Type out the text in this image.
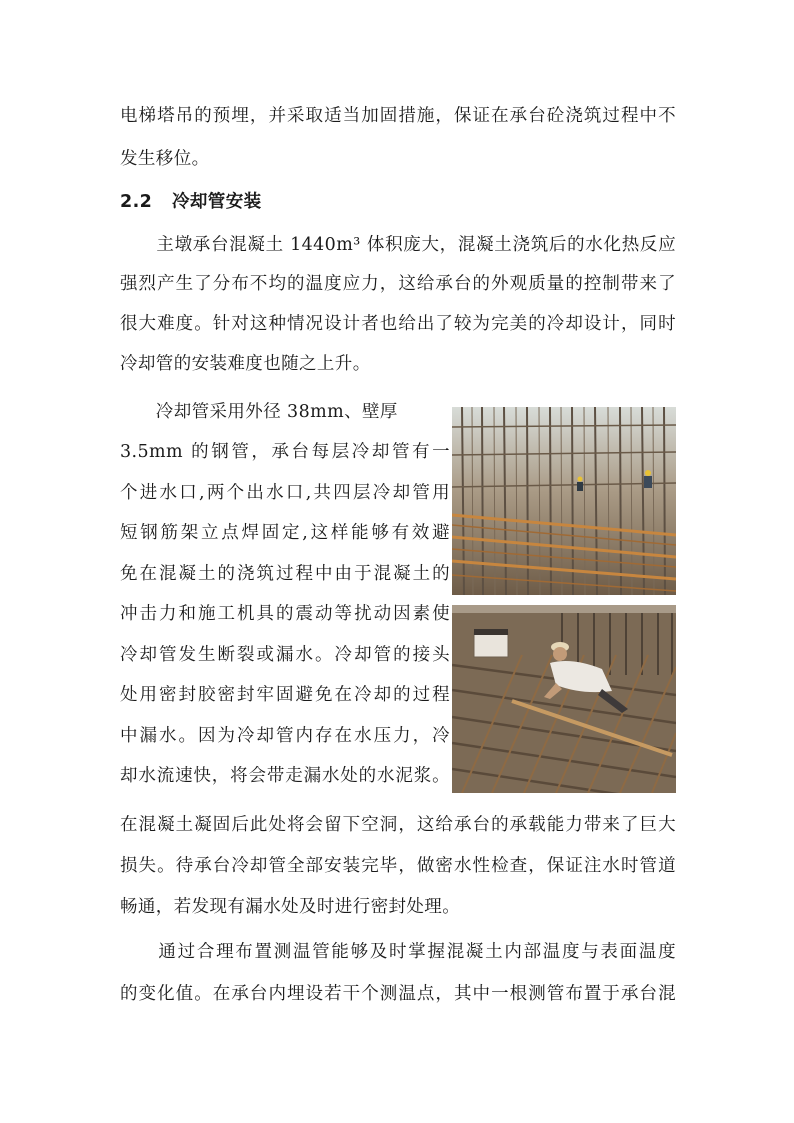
电梯塔吊的预埋，并采取适当加固措施，保证在承台砼浇筑过程中不
发生移位。
2.2 冷却管安装
　　主墩承台混凝土 1440m³ 体积庞大，混凝土浇筑后的水化热反应
强烈产生了分布不均的温度应力，这给承台的外观质量的控制带来了
很大难度。针对这种情况设计者也给出了较为完美的冷却设计，同时
冷却管的安装难度也随之上升。
　　冷却管采用外径 38mm、壁厚
3.5mm 的钢管，承台每层冷却管有一
个进水口,两个出水口,共四层冷却管用
短钢筋架立点焊固定,这样能够有效避
免在混凝土的浇筑过程中由于混凝土的
冲击力和施工机具的震动等扰动因素使
冷却管发生断裂或漏水。冷却管的接头
处用密封胶密封牢固避免在冷却的过程
中漏水。因为冷却管内存在水压力，冷
却水流速快，将会带走漏水处的水泥浆。
在混凝土凝固后此处将会留下空洞，这给承台的承载能力带来了巨大
损失。待承台冷却管全部安装完毕，做密水性检查，保证注水时管道
畅通，若发现有漏水处及时进行密封处理。
　　通过合理布置测温管能够及时掌握混凝土内部温度与表面温度
的变化值。在承台内埋设若干个测温点，其中一根测管布置于承台混
